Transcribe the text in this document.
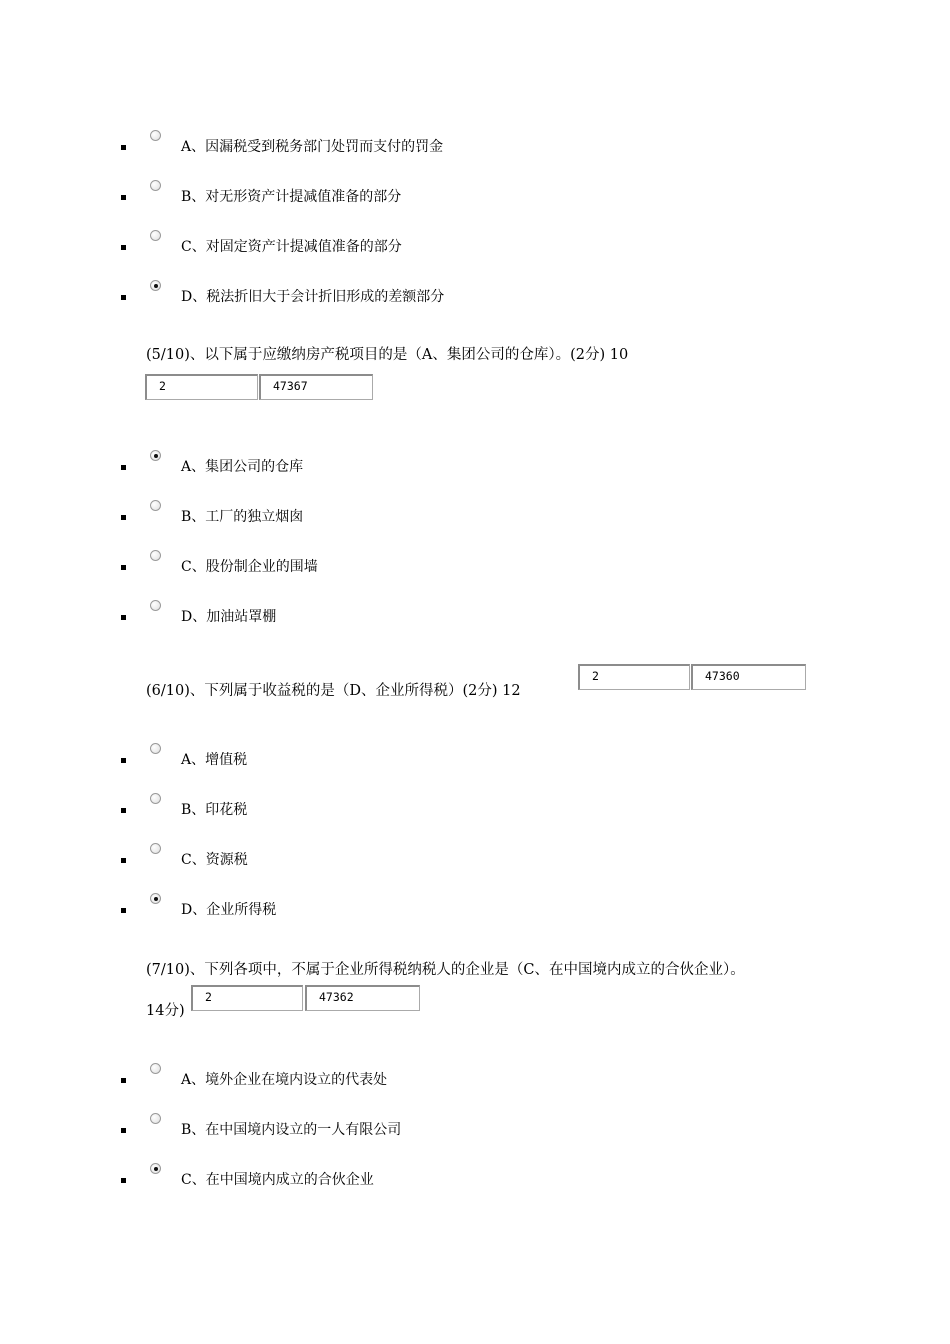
A、因漏税受到税务部门处罚而支付的罚金
B、对无形资产计提减值准备的部分
C、对固定资产计提减值准备的部分
D、税法折旧大于会计折旧形成的差额部分
(5/10)、以下属于应缴纳房产税项目的是（A、集团公司的仓库）。(2分) 10
2	47367
A、集团公司的仓库
B、工厂的独立烟囱
C、股份制企业的围墙
D、加油站罩棚
(6/10)、下列属于收益税的是（D、企业所得税）(2分) 12
2	47360
A、增值税
B、印花税
C、资源税
D、企业所得税
(7/10)、下列各项中，不属于企业所得税纳税人的企业是（C、在中国境内成立的合伙企业）。
14分)
2	47362
A、境外企业在境内设立的代表处
B、在中国境内设立的一人有限公司
C、在中国境内成立的合伙企业
